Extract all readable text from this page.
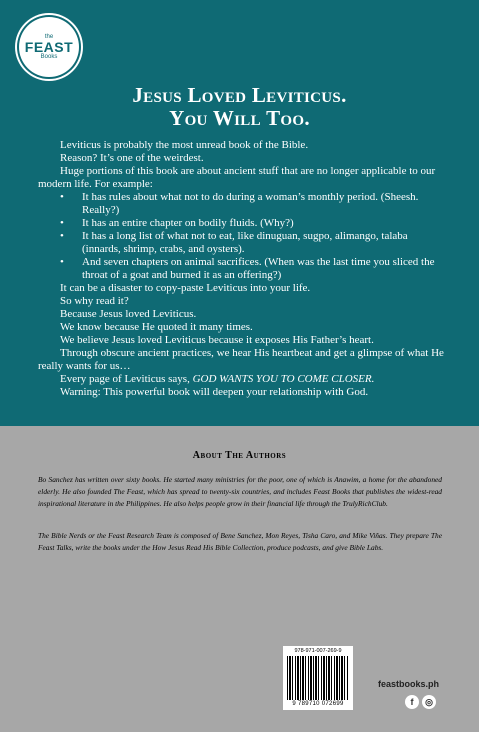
the
FEAST
Books
Jesus Loved Leviticus.
You Will Too.

Leviticus is probably the most unread book of the Bible.

Reason? It’s one of the weirdest.

Huge portions of this book are about ancient stuff that are no longer applicable to our modern life. For example:

• It has rules about what not to do during a woman’s monthly period. (Sheesh. Really?)
• It has an entire chapter on bodily fluids. (Why?)
• It has a long list of what not to eat, like dinuguan, sugpo, alimango, talaba (innards, shrimp, crabs, and oysters).
• And seven chapters on animal sacrifices. (When was the last time you sliced the throat of a goat and burned it as an offering?)

It can be a disaster to copy-paste Leviticus into your life.

So why read it?

Because Jesus loved Leviticus.

We know because He quoted it many times.

We believe Jesus loved Leviticus because it exposes His Father’s heart.

Through obscure ancient practices, we hear His heartbeat and get a glimpse of what He really wants for us…

Every page of Leviticus says, GOD WANTS YOU TO COME CLOSER.

Warning: This powerful book will deepen your relationship with God.

About The Authors
Bo Sanchez has written over sixty books. He started many ministries for the poor, one of which is Anawim, a home for the abandoned elderly. He also founded The Feast, which has spread to twenty-six countries, and includes Feast Books that publishes the widest-read inspirational literature in the Philippines. He also helps people grow in their financial life through the TrulyRichClub.
The Bible Nerds or the Feast Research Team is composed of Bene Sanchez, Mon Reyes, Tisha Caro, and Mike Viñas. They prepare The Feast Talks, write the books under the How Jesus Read His Bible Collection, produce podcasts, and give Bible Labs.
978-971-007-269-9
9 789710 072699
feastbooks.ph
f ◎
